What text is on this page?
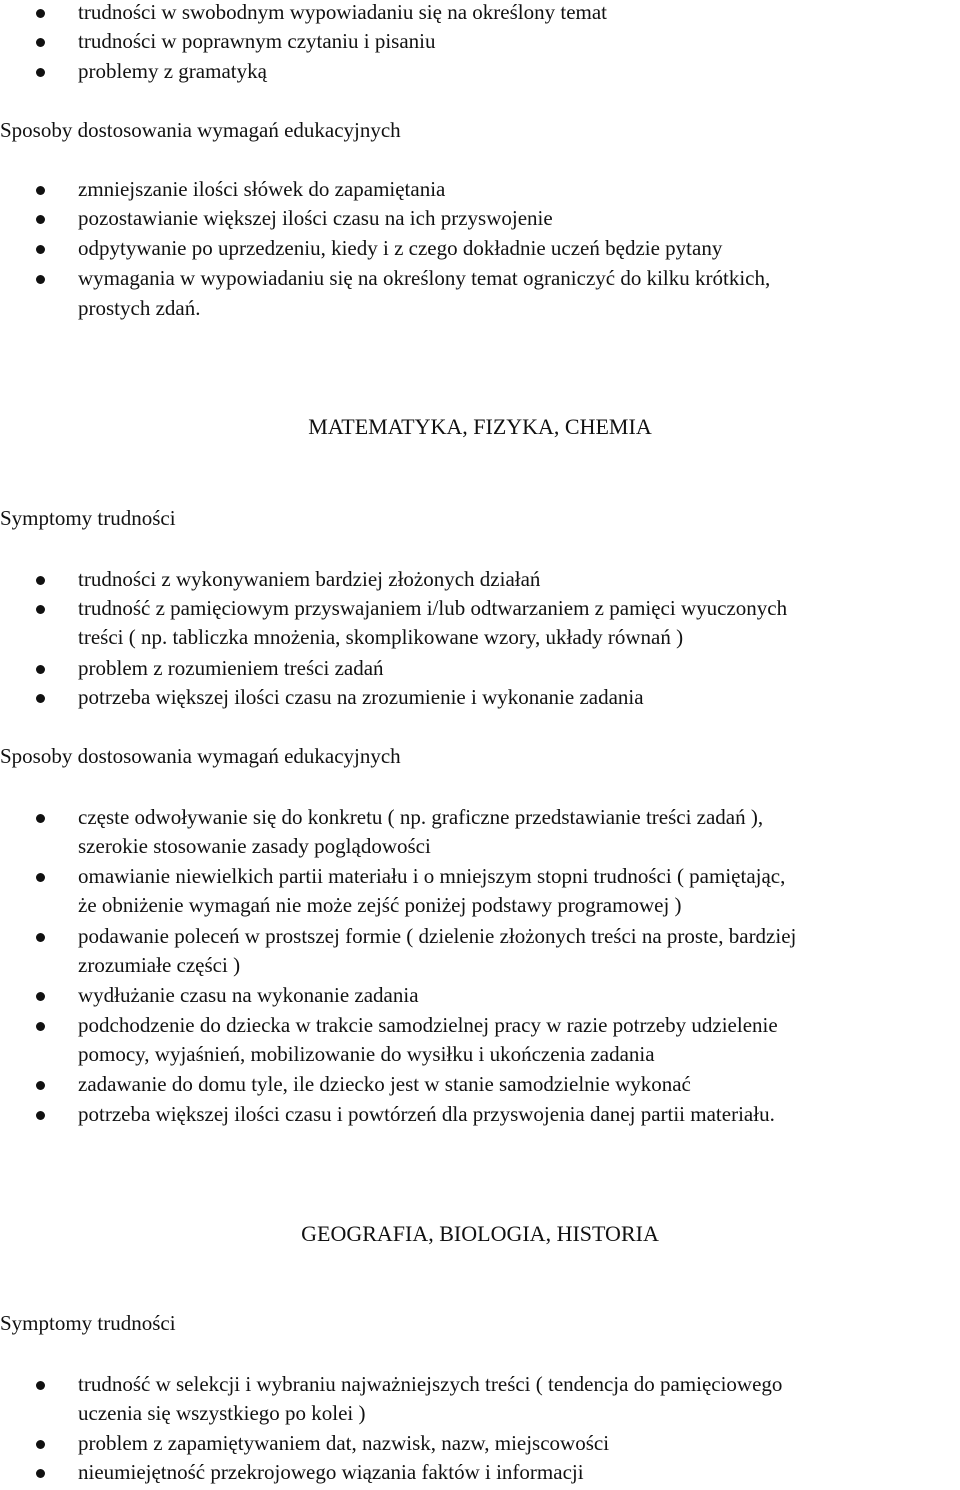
trudności w swobodnym wypowiadaniu się na określony temat
trudności w poprawnym czytaniu i pisaniu
problemy z gramatyką
Sposoby dostosowania wymagań edukacyjnych
zmniejszanie ilości słówek do zapamiętania
pozostawianie większej ilości czasu na ich przyswojenie
odpytywanie po uprzedzeniu, kiedy i z czego dokładnie uczeń będzie pytany
wymagania w wypowiadaniu się na określony temat ograniczyć do kilku krótkich,
prostych zdań.
MATEMATYKA, FIZYKA, CHEMIA
Symptomy trudności
trudności z wykonywaniem bardziej złożonych działań
trudność z pamięciowym przyswajaniem i/lub odtwarzaniem z pamięci wyuczonych
treści ( np. tabliczka mnożenia, skomplikowane wzory, układy równań )
problem z rozumieniem treści zadań
potrzeba większej ilości czasu na zrozumienie i wykonanie zadania
Sposoby dostosowania wymagań edukacyjnych
częste odwoływanie się do konkretu ( np. graficzne przedstawianie treści zadań ),
szerokie stosowanie zasady poglądowości
omawianie niewielkich partii materiału i o mniejszym stopni trudności ( pamiętając,
że obniżenie wymagań nie może zejść poniżej podstawy programowej )
podawanie poleceń w prostszej formie ( dzielenie złożonych treści na proste, bardziej
zrozumiałe części )
wydłużanie czasu na wykonanie zadania
podchodzenie do dziecka w trakcie samodzielnej pracy w razie potrzeby udzielenie
pomocy, wyjaśnień, mobilizowanie do wysiłku i ukończenia zadania
zadawanie do domu tyle, ile dziecko jest w stanie samodzielnie wykonać
potrzeba większej ilości czasu i powtórzeń dla przyswojenia danej partii materiału.
GEOGRAFIA, BIOLOGIA, HISTORIA
Symptomy trudności
trudność w selekcji i wybraniu najważniejszych treści ( tendencja do pamięciowego
uczenia się wszystkiego po kolei )
problem z zapamiętywaniem dat, nazwisk, nazw, miejscowości
nieumiejętność przekrojowego wiązania faktów i informacji
